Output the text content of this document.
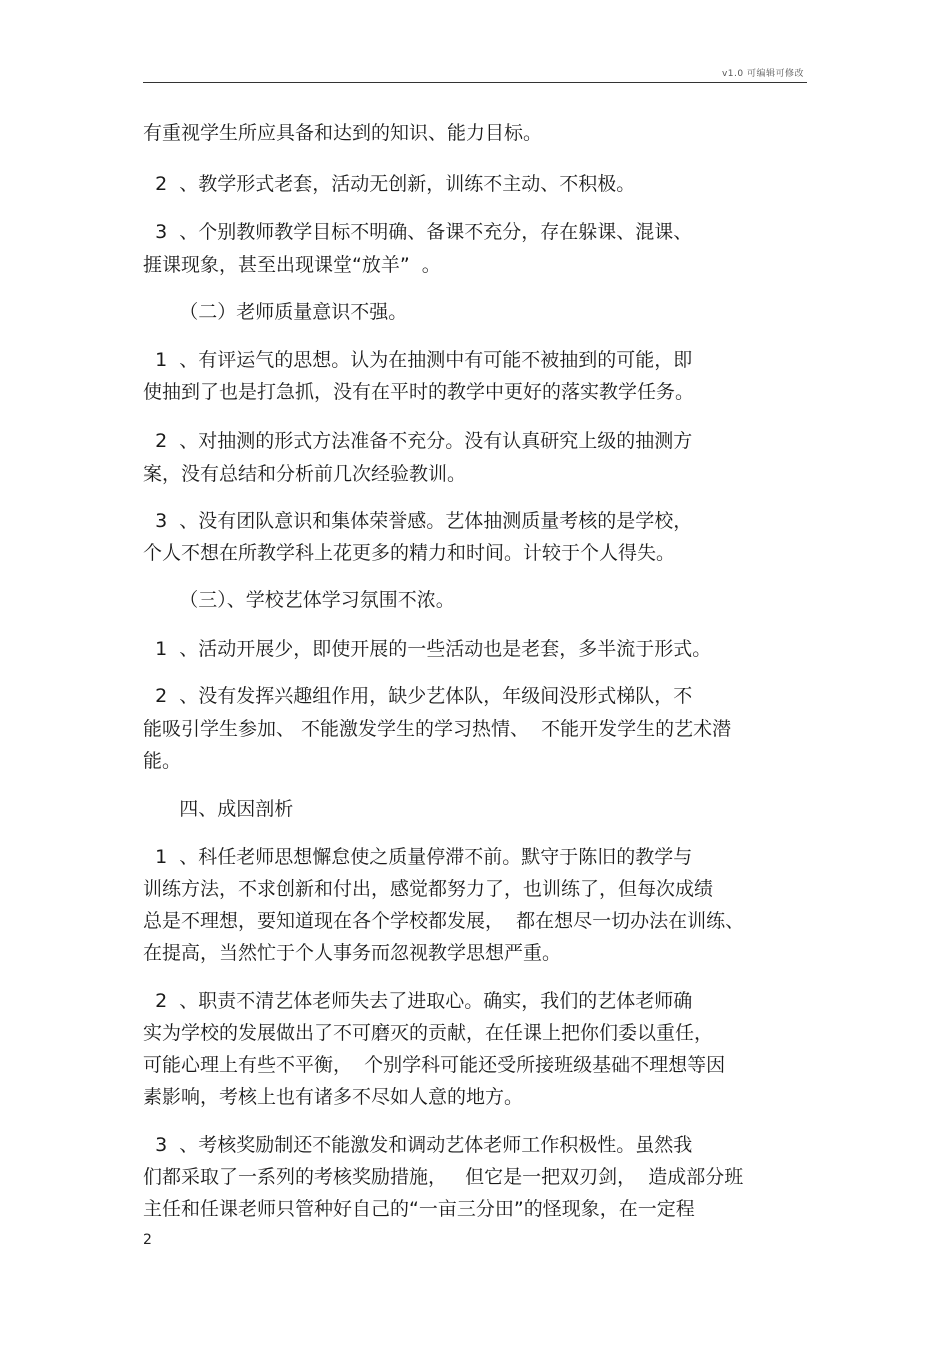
v1.0 可编辑可修改
有重视学生所应具备和达到的知识、能力目标。
2  、教学形式老套，活动无创新，训练不主动、不积极。
3  、个别教师教学目标不明确、备课不充分，存在躲课、混课、
捱课现象，甚至出现课堂“放羊”  。
（二）老师质量意识不强。
1  、有评运气的思想。认为在抽测中有可能不被抽到的可能，即
使抽到了也是打急抓，没有在平时的教学中更好的落实教学任务。
2  、对抽测的形式方法准备不充分。没有认真研究上级的抽测方
案，没有总结和分析前几次经验教训。
3  、没有团队意识和集体荣誉感。艺体抽测质量考核的是学校，
个人不想在所教学科上花更多的精力和时间。计较于个人得失。
（三）、学校艺体学习氛围不浓。
1  、活动开展少，即使开展的一些活动也是老套，多半流于形式。
2  、没有发挥兴趣组作用，缺少艺体队，年级间没形式梯队，不
能吸引学生参加、 不能激发学生的学习热情、  不能开发学生的艺术潜
能。
四、成因剖析
1  、科任老师思想懈怠使之质量停滞不前。默守于陈旧的教学与
训练方法，不求创新和付出，感觉都努力了，也训练了，但每次成绩
总是不理想，要知道现在各个学校都发展，  都在想尽一切办法在训练、
在提高，当然忙于个人事务而忽视教学思想严重。
2  、职责不清艺体老师失去了进取心。确实，我们的艺体老师确
实为学校的发展做出了不可磨灭的贡献，在任课上把你们委以重任，
可能心理上有些不平衡，  个别学科可能还受所接班级基础不理想等因
素影响，考核上也有诸多不尽如人意的地方。
3  、考核奖励制还不能激发和调动艺体老师工作积极性。虽然我
们都采取了一系列的考核奖励措施，   但它是一把双刃剑，  造成部分班
主任和任课老师只管种好自己的“一亩三分田”的怪现象，在一定程
2
